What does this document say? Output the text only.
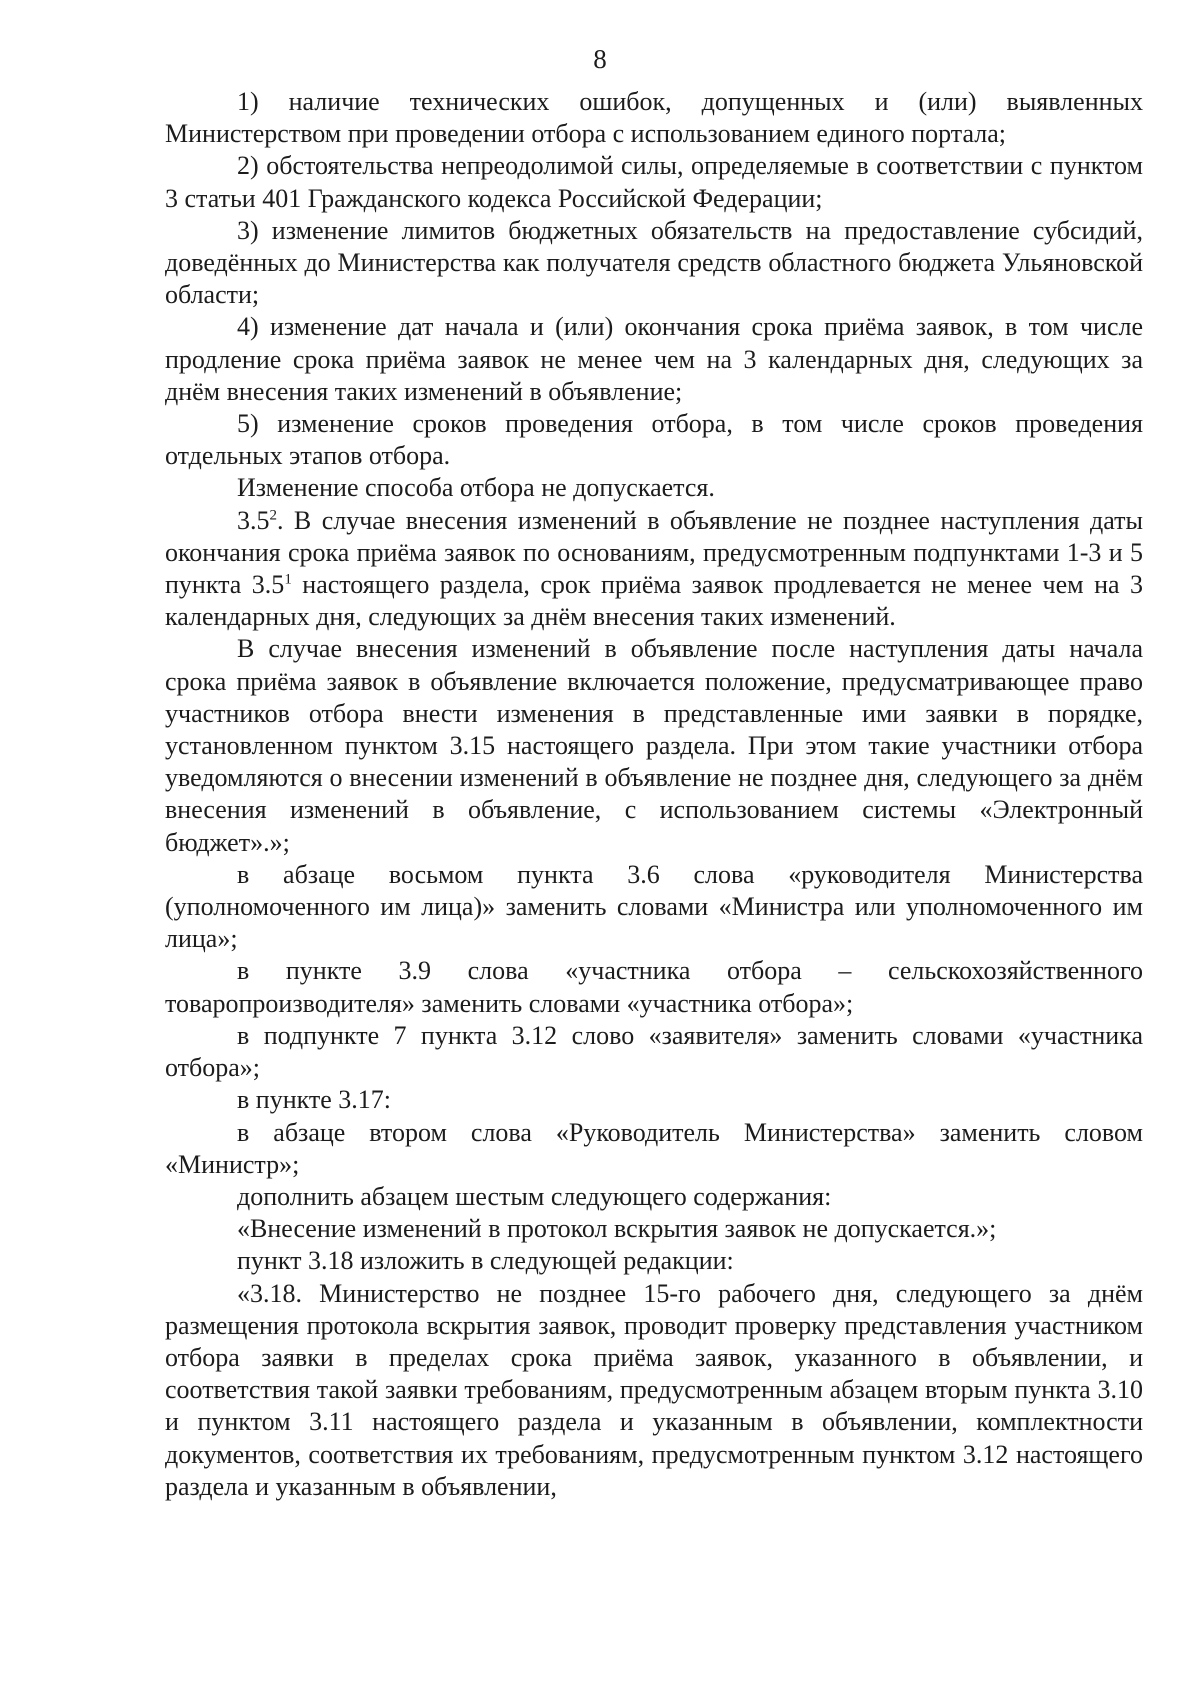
8

1) наличие технических ошибок, допущенных и (или) выявленных Министерством при проведении отбора с использованием единого портала;

2) обстоятельства непреодолимой силы, определяемые в соответствии с пунктом 3 статьи 401 Гражданского кодекса Российской Федерации;

3) изменение лимитов бюджетных обязательств на предоставление субсидий, доведённых до Министерства как получателя средств областного бюджета Ульяновской области;

4) изменение дат начала и (или) окончания срока приёма заявок, в том числе продление срока приёма заявок не менее чем на 3 календарных дня, следующих за днём внесения таких изменений в объявление;

5) изменение сроков проведения отбора, в том числе сроков проведения отдельных этапов отбора.

Изменение способа отбора не допускается.

$3.5^2$. В случае внесения изменений в объявление не позднее наступления даты окончания срока приёма заявок по основаниям, предусмотренным подпунктами 1-3 и 5 пункта $3.5^1$ настоящего раздела, срок приёма заявок продлевается не менее чем на 3 календарных дня, следующих за днём внесения таких изменений.

В случае внесения изменений в объявление после наступления даты начала срока приёма заявок в объявление включается положение, предусматривающее право участников отбора внести изменения в представленные ими заявки в порядке, установленном пунктом 3.15 настоящего раздела. При этом такие участники отбора уведомляются о внесении изменений в объявление не позднее дня, следующего за днём внесения изменений в объявление, с использованием системы «Электронный бюджет».»;

в абзаце восьмом пункта 3.6 слова «руководителя Министерства (уполномоченного им лица)» заменить словами «Министра или уполномоченного им лица»;

в пункте 3.9 слова «участника отбора – сельскохозяйственного товаропроизводителя» заменить словами «участника отбора»;

в подпункте 7 пункта 3.12 слово «заявителя» заменить словами «участника отбора»;

в пункте 3.17:

в абзаце втором слова «Руководитель Министерства» заменить словом «Министр»;

дополнить абзацем шестым следующего содержания:

«Внесение изменений в протокол вскрытия заявок не допускается.»;

пункт 3.18 изложить в следующей редакции:

«3.18. Министерство не позднее 15-го рабочего дня, следующего за днём размещения протокола вскрытия заявок, проводит проверку представления участником отбора заявки в пределах срока приёма заявок, указанного в объявлении, и соответствия такой заявки требованиям, предусмотренным абзацем вторым пункта 3.10 и пунктом 3.11 настоящего раздела и указанным в объявлении, комплектности документов, соответствия их требованиям, предусмотренным пунктом 3.12 настоящего раздела и указанным в объявлении,
